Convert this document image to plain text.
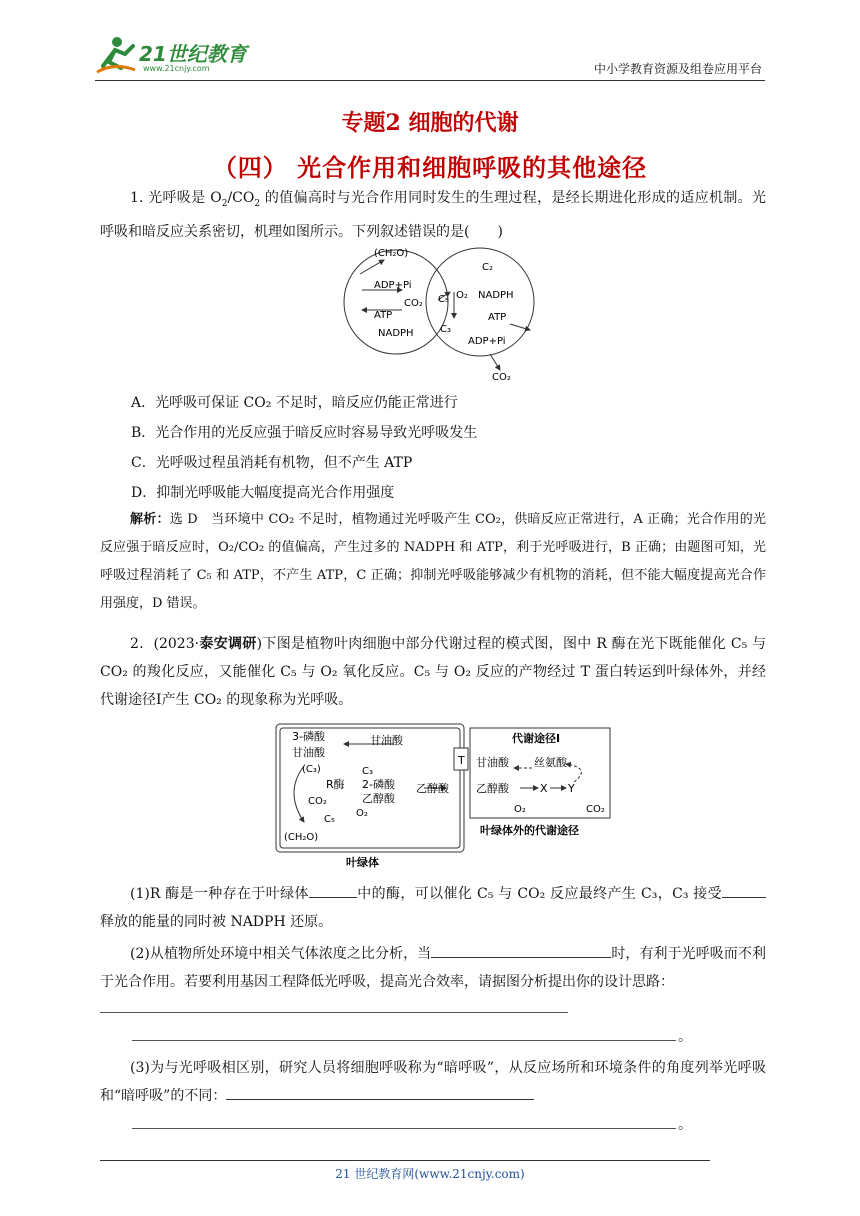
21世纪教育
www.21cnjy.com	中小学教育资源及组卷应用平台
专题2 细胞的代谢
（四） 光合作用和细胞呼吸的其他途径

1. 光呼吸是 $O_2/CO_2$ 的值偏高时与光合作用同时发生的生理过程，是经长期进化形成的适应机制。光呼吸和暗反应关系密切，机理如图所示。下列叙述错误的是(　　)

(CH₂O)
ADP+Pi
CO₂
ATP
NADPH
C₅ O₂
C₃
C₂
NADPH
ATP
ADP+Pi
CO₂
A．光呼吸可保证 CO₂ 不足时，暗反应仍能正常进行
B．光合作用的光反应强于暗反应时容易导致光呼吸发生
C．光呼吸过程虽消耗有机物，但不产生 ATP
D．抑制光呼吸能大幅度提高光合作用强度

解析：选 D　当环境中 CO₂ 不足时，植物通过光呼吸产生 CO₂，供暗反应正常进行，A 正确；光合作用的光反应强于暗反应时，O₂/CO₂ 的值偏高，产生过多的 NADPH 和 ATP，利于光呼吸进行，B 正确；由题图可知，光呼吸过程消耗了 C₅ 和 ATP，不产生 ATP，C 正确；抑制光呼吸能够减少有机物的消耗，但不能大幅度提高光合作用强度，D 错误。

2．(2023·泰安调研)下图是植物叶肉细胞中部分代谢过程的模式图，图中 R 酶在光下既能催化 C₅ 与 CO₂ 的羧化反应，又能催化 C₅ 与 O₂ 氧化反应。C₅ 与 O₂ 反应的产物经过 T 蛋白转运到叶绿体外，并经代谢途径Ⅰ产生 CO₂ 的现象称为光呼吸。

3-磷酸
甘油酸
甘油酸
(C₃)
R酶
C₃
2-磷酸
乙醇酸
乙醇酸
CO₂
C₅
O₂
(CH₂O)
叶绿体
T
代谢途径Ⅰ
甘油酸 丝氨酸
乙醇酸	X Y
O₂	CO₂
叶绿体外的代谢途径

(1)R 酶是一种存在于叶绿体	中的酶，可以催化 C₅ 与 CO₂ 反应最终产生 C₃，C₃ 接受释放的能量的同时被 NADPH 还原。

(2)从植物所处环境中相关气体浓度之比分析，当	时，有利于光呼吸而不利于光合作用。若要利用基因工程降低光呼吸，提高光合效率，请据图分析提出你的设计思路：

。

(3)为与光呼吸相区别，研究人员将细胞呼吸称为“暗呼吸”，从反应场所和环境条件的角度列举光呼吸和“暗呼吸”的不同：

。
21 世纪教育网(www.21cnjy.com)
